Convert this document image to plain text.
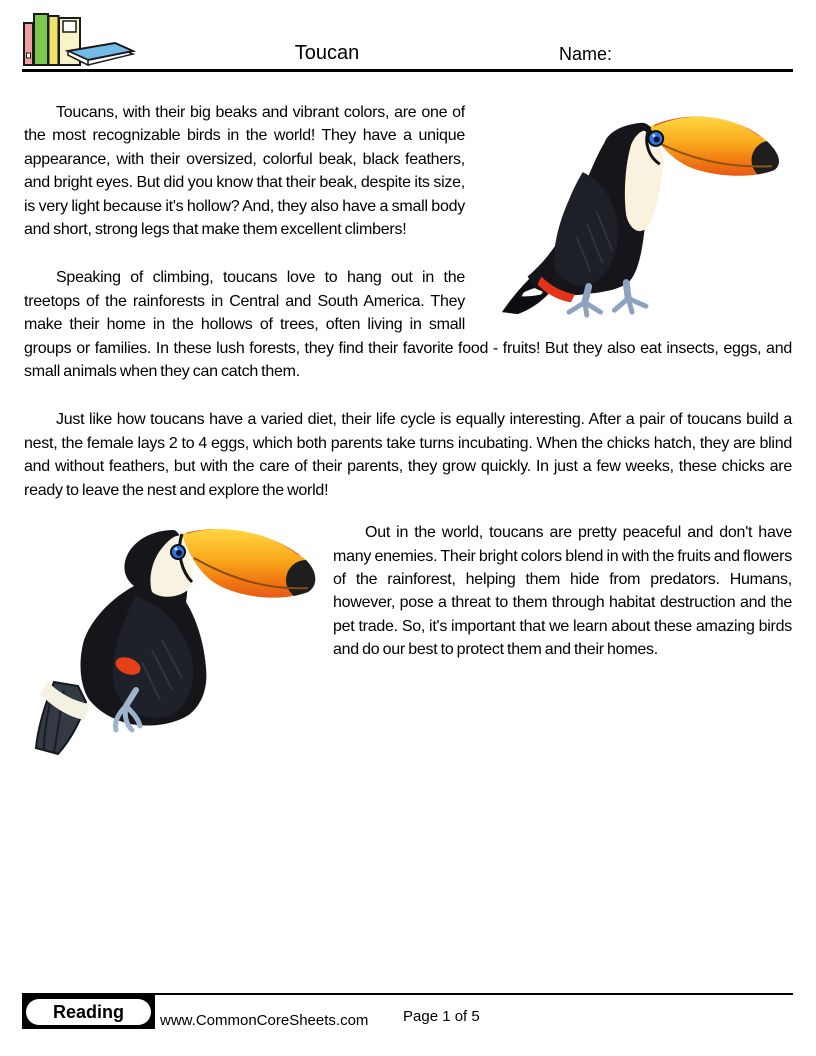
Toucan	Name:

Toucans, with their big beaks and vibrant colors, are one of the most recognizable birds in the world! They have a unique appearance, with their oversized, colorful beak, black feathers, and bright eyes. But did you know that their beak, despite its size, is very light because it's hollow? And, they also have a small body and short, strong legs that make them excellent climbers!

Speaking of climbing, toucans love to hang out in the treetops of the rainforests in Central and South America. They make their home in the hollows of trees, often living in small groups or families. In these lush forests, they find their favorite food - fruits! But they also eat insects, eggs, and small animals when they can catch them.

Just like how toucans have a varied diet, their life cycle is equally interesting. After a pair of toucans build a nest, the female lays 2 to 4 eggs, which both parents take turns incubating. When the chicks hatch, they are blind and without feathers, but with the care of their parents, they grow quickly. In just a few weeks, these chicks are ready to leave the nest and explore the world!

Out in the world, toucans are pretty peaceful and don't have many enemies. Their bright colors blend in with the fruits and flowers of the rainforest, helping them hide from predators. Humans, however, pose a threat to them through habitat destruction and the pet trade. So, it's important that we learn about these amazing birds and do our best to protect them and their homes.

Reading www.CommonCoreSheets.com Page 1 of 5
